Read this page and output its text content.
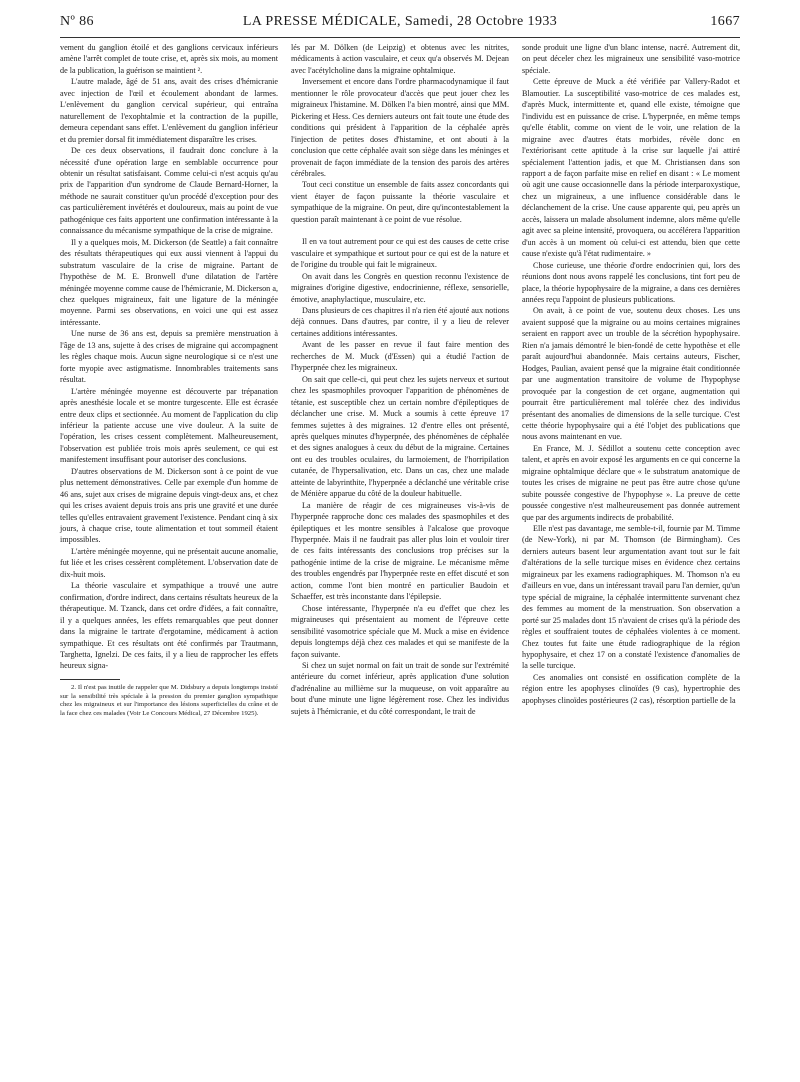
Nº 86	LA PRESSE MÉDICALE, Samedi, 28 Octobre 1933	1667

vement du ganglion étoilé et des ganglions cervicaux inférieurs amène l'arrêt complet de toute crise, et, après six mois, au moment de la publication, la guérison se maintient ².

L'autre malade, âgé de 51 ans, avait des crises d'hémicranie avec injection de l'œil et écoulement abondant de larmes. L'enlèvement du ganglion cervical supérieur, qui entraîna naturellement de l'exophtalmie et la contraction de la pupille, demeura cependant sans effet. L'enlèvement du ganglion inférieur et du premier dorsal fit immédiatement disparaître les crises.

De ces deux observations, il faudrait donc conclure à la nécessité d'une opération large en semblable occurrence pour obtenir un résultat satisfaisant. Comme celui-ci n'est acquis qu'au prix de l'apparition d'un syndrome de Claude Bernard-Horner, la méthode ne saurait constituer qu'un procédé d'exception pour des cas particulièrement invétérés et douloureux, mais au point de vue pathogénique ces faits apportent une confirmation intéressante à la connaissance du mécanisme sympathique de la crise de migraine.

Il y a quelques mois, M. Dickerson (de Seattle) a fait connaître des résultats thérapeutiques qui eux aussi viennent à l'appui du substratum vasculaire de la crise de migraine. Partant de l'hypothèse de M. E. Bronwell d'une dilatation de l'artère méningée moyenne comme cause de l'hémicranie, M. Dickerson a, chez quelques migraineux, fait une ligature de la méningée moyenne. Parmi ses observations, en voici une qui est assez intéressante.

Une nurse de 36 ans est, depuis sa première menstruation à l'âge de 13 ans, sujette à des crises de migraine qui accompagnent les règles chaque mois. Aucun signe neurologique si ce n'est une forte myopie avec astigmatisme. Innombrables traitements sans résultat.

L'artère méningée moyenne est découverte par trépanation après anesthésie locale et se montre turgescente. Elle est écrasée entre deux clips et sectionnée. Au moment de l'application du clip inférieur la patiente accuse une vive douleur. A la suite de l'opération, les crises cessent complètement. Malheureusement, l'observation est publiée trois mois après seulement, ce qui est manifestement insuffisant pour autoriser des conclusions.

D'autres observations de M. Dickerson sont à ce point de vue plus nettement démonstratives. Celle par exemple d'un homme de 46 ans, sujet aux crises de migraine depuis vingt-deux ans, et chez qui les crises avaient depuis trois ans pris une gravité et une durée telles qu'elles entravaient gravement l'existence. Pendant cinq à six jours, à chaque crise, toute alimentation et tout sommeil étaient impossibles.

L'artère méningée moyenne, qui ne présentait aucune anomalie, fut liée et les crises cessèrent complètement. L'observation date de dix-huit mois.

La théorie vasculaire et sympathique a trouvé une autre confirmation, d'ordre indirect, dans certains résultats heureux de la thérapeutique. M. Tzanck, dans cet ordre d'idées, a fait connaître, il y a quelques années, les effets remarquables que peut donner dans la migraine le tartrate d'ergotamine, médicament à action sympathique. Et ces résultats ont été confirmés par Trautmann, Targhetta, Ignelzi. De ces faits, il y a lieu de rapprocher les effets heureux signa-

2. Il n'est pas inutile de rappeler que M. Didsbury a depuis longtemps insisté sur la sensibilité très spéciale à la pression du premier ganglion sympathique chez les migraineux et sur l'importance des lésions superficielles du crâne et de la face chez ces malades (Voir Le Concours Médical, 27 Décembre 1925).

lés par M. Dölken (de Leipzig) et obtenus avec les nitrites, médicaments à action vasculaire, et ceux qu'a observés M. Dejean avec l'acétylcholine dans la migraine ophtalmique.

Inversement et encore dans l'ordre pharmacodynamique il faut mentionner le rôle provocateur d'accès que peut jouer chez les migraineux l'histamine. M. Dölken l'a bien montré, ainsi que MM. Pickering et Hess. Ces derniers auteurs ont fait toute une étude des conditions qui président à l'apparition de la céphalée après l'injection de petites doses d'histamine, et ont abouti à la conclusion que cette céphalée avait son siège dans les méninges et provenait de façon immédiate de la tension des parois des artères cérébrales.

Tout ceci constitue un ensemble de faits assez concordants qui vient étayer de façon puissante la théorie vasculaire et sympathique de la migraine. On peut, dire qu'incontestablement la question paraît maintenant à ce point de vue résolue.

Il en va tout autrement pour ce qui est des causes de cette crise vasculaire et sympathique et surtout pour ce qui est de la nature et de l'origine du trouble qui fait le migraineux.

On avait dans les Congrès en question reconnu l'existence de migraines d'origine digestive, endocrinienne, réflexe, sensorielle, émotive, anaphylactique, musculaire, etc.

Dans plusieurs de ces chapitres il n'a rien été ajouté aux notions déjà connues. Dans d'autres, par contre, il y a lieu de relever certaines additions intéressantes.

Avant de les passer en revue il faut faire mention des recherches de M. Muck (d'Essen) qui a étudié l'action de l'hyperpnée chez les migraineux.

On sait que celle-ci, qui peut chez les sujets nerveux et surtout chez les spasmophiles provoquer l'apparition de phénomènes de tétanie, est susceptible chez un certain nombre d'épileptiques de déclancher une crise. M. Muck a soumis à cette épreuve 17 femmes sujettes à des migraines. 12 d'entre elles ont présenté, après quelques minutes d'hyperpnée, des phénomènes de céphalée et des signes analogues à ceux du début de la migraine. Certaines ont eu des troubles oculaires, du larmoiement, de l'horripilation cutanée, de l'hypersalivation, etc. Dans un cas, chez une malade atteinte de labyrinthite, l'hyperpnée a déclanché une véritable crise de Ménière apparue du côté de la douleur habituelle.

La manière de réagir de ces migraineuses vis-à-vis de l'hyperpnée rapproche donc ces malades des spasmophiles et des épileptiques et les montre sensibles à l'alcalose que provoque l'hyperpnée. Mais il ne faudrait pas aller plus loin et vouloir tirer de ces faits intéressants des conclusions trop précises sur la pathogénie intime de la crise de migraine. Le mécanisme même des troubles engendrés par l'hyperpnée reste en effet discuté et son action, comme l'ont bien montré en particulier Baudoin et Schaeffer, est très inconstante dans l'épilepsie.

Chose intéressante, l'hyperpnée n'a eu d'effet que chez les migraineuses qui présentaient au moment de l'épreuve cette sensibilité vasomotrice spéciale que M. Muck a mise en évidence depuis longtemps déjà chez ces malades et qui se manifeste de la façon suivante.

Si chez un sujet normal on fait un trait de sonde sur l'extrémité antérieure du cornet inférieur, après application d'une solution d'adrénaline au millième sur la muqueuse, on voit apparaître au bout d'une minute une ligne légèrement rose. Chez les individus sujets à l'hémicranie, et du côté correspondant, le trait de

sonde produit une ligne d'un blanc intense, nacré. Autrement dit, on peut déceler chez les migraineux une sensibilité vaso-motrice spéciale.

Cette épreuve de Muck a été vérifiée par Vallery-Radot et Blamoutier. La susceptibilité vaso-motrice de ces malades est, d'après Muck, intermittente et, quand elle existe, témoigne que l'individu est en puissance de crise. L'hyperpnée, en même temps qu'elle établit, comme on vient de le voir, une relation de la migraine avec d'autres états morbides, révèle donc en l'extériorisant cette aptitude à la crise sur laquelle j'ai attiré spécialement l'attention jadis, et que M. Christiansen dans son rapport a de façon parfaite mise en relief en disant : « Le moment où agit une cause occasionnelle dans la période interparoxystique, chez un migraineux, a une influence considérable dans le déclanchement de la crise. Une cause apparente qui, peu après un accès, laissera un malade absolument indemne, alors même qu'elle agit avec sa pleine intensité, provoquera, ou accélérera l'apparition d'un accès à un moment où celui-ci est attendu, bien que cette cause n'existe qu'à l'état rudimentaire. »

Chose curieuse, une théorie d'ordre endocrinien qui, lors des réunions dont nous avons rappelé les conclusions, tint fort peu de place, la théorie hypophysaire de la migraine, a dans ces dernières années reçu l'appoint de plusieurs publications.

On avait, à ce point de vue, soutenu deux choses. Les uns avaient supposé que la migraine ou au moins certaines migraines seraient en rapport avec un trouble de la sécrétion hypophysaire. Rien n'a jamais démontré le bien-fondé de cette hypothèse et elle paraît aujourd'hui abandonnée. Mais certains auteurs, Fischer, Hodges, Paulian, avaient pensé que la migraine était conditionnée par une augmentation transitoire de volume de l'hypophyse provoquée par la congestion de cet organe, augmentation qui pourrait être particulièrement mal tolérée chez des individus présentant des anomalies de dimensions de la selle turcique. C'est cette théorie hypophysaire qui a été l'objet des publications que nous avons maintenant en vue.

En France, M. J. Sédillot a soutenu cette conception avec talent, et après en avoir exposé les arguments en ce qui concerne la migraine ophtalmique déclare que « le substratum anatomique de toutes les crises de migraine ne peut pas être autre chose qu'une subite poussée congestive de l'hypophyse ». La preuve de cette poussée congestive n'est malheureusement pas donnée autrement que par des arguments indirects de probabilité.

Elle n'est pas davantage, me semble-t-il, fournie par M. Timme (de New-York), ni par M. Thomson (de Birmingham). Ces derniers auteurs basent leur argumentation avant tout sur le fait d'altérations de la selle turcique mises en évidence chez certains migraineux par les examens radiographiques. M. Thomson n'a eu d'ailleurs en vue, dans un intéressant travail paru l'an dernier, qu'un type spécial de migraine, la céphalée intermittente survenant chez des femmes au moment de la menstruation. Son observation a porté sur 25 malades dont 15 n'avaient de crises qu'à la période des règles et souffraient toutes de céphalées violentes à ce moment. Chez toutes fut faite une étude radiographique de la région hypophysaire, et chez 17 on a constaté l'existence d'anomalies de la selle turcique.

Ces anomalies ont consisté en ossification complète de la région entre les apophyses clinoïdes (9 cas), hypertrophie des apophyses clinoïdes postérieures (2 cas), résorption partielle de la
